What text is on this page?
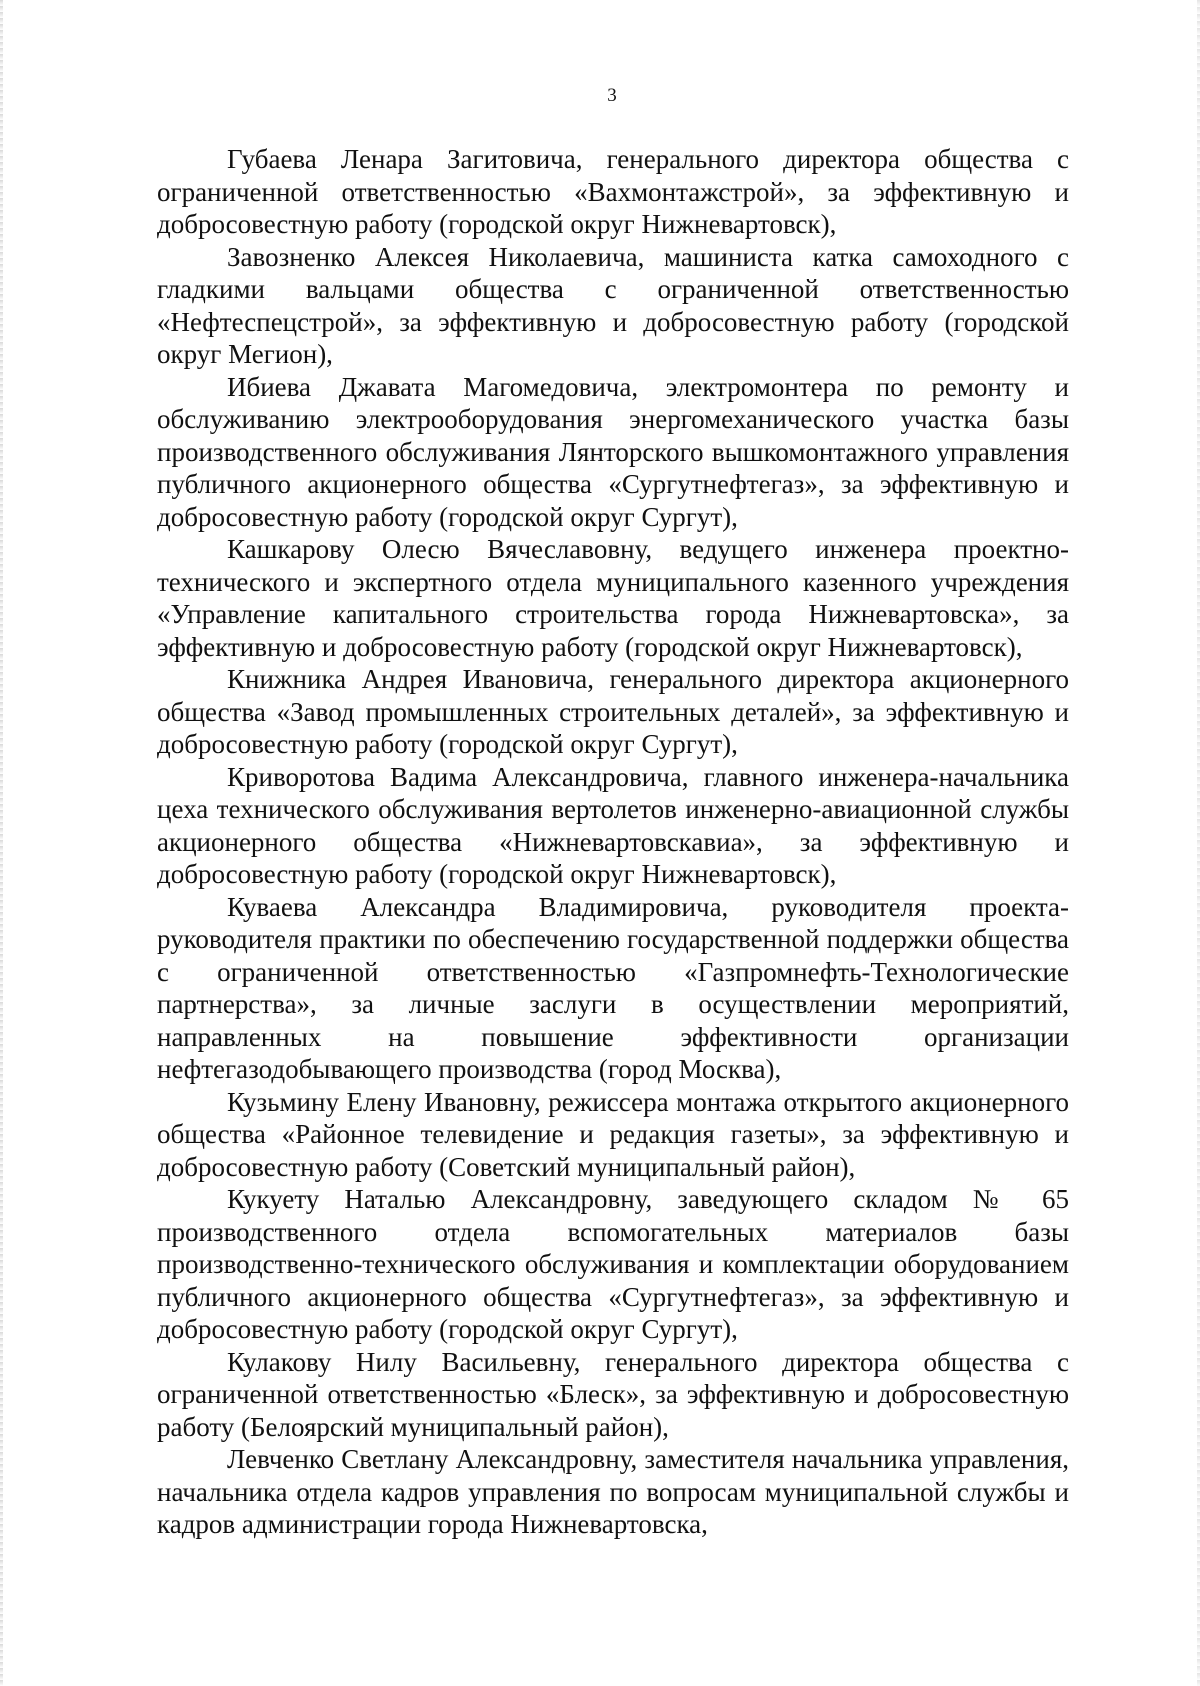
3

Губаева Ленара Загитовича, генерального директора общества с ограниченной ответственностью «Вахмонтажстрой», за эффективную и добросовестную работу (городской округ Нижневартовск),

Завозненко Алексея Николаевича, машиниста катка самоходного с гладкими вальцами общества с ограниченной ответственностью «Нефтеспецстрой», за эффективную и добросовестную работу (городской округ Мегион),

Ибиева Джавата Магомедовича, электромонтера по ремонту и обслуживанию электрооборудования энергомеханического участка базы производственного обслуживания Лянторского вышкомонтажного управления публичного акционерного общества «Сургутнефтегаз», за эффективную и добросовестную работу (городской округ Сургут),

Кашкарову Олесю Вячеславовну, ведущего инженера проектно-технического и экспертного отдела муниципального казенного учреждения «Управление капитального строительства города Нижневартовска», за эффективную и добросовестную работу (городской округ Нижневартовск),

Книжника Андрея Ивановича, генерального директора акционерного общества «Завод промышленных строительных деталей», за эффективную и добросовестную работу (городской округ Сургут),

Криворотова Вадима Александровича, главного инженера-начальника цеха технического обслуживания вертолетов инженерно-авиационной службы акционерного общества «Нижневартовскавиа», за эффективную и добросовестную работу (городской округ Нижневартовск),

Куваева Александра Владимировича, руководителя проекта-руководителя практики по обеспечению государственной поддержки общества с ограниченной ответственностью «Газпромнефть-Технологические партнерства», за личные заслуги в осуществлении мероприятий, направленных на повышение эффективности организации нефтегазодобывающего производства (город Москва),

Кузьмину Елену Ивановну, режиссера монтажа открытого акционерного общества «Районное телевидение и редакция газеты», за эффективную и добросовестную работу (Советский муниципальный район),

Кукуету Наталью Александровну, заведующего складом № 65 производственного отдела вспомогательных материалов базы производственно-технического обслуживания и комплектации оборудованием публичного акционерного общества «Сургутнефтегаз», за эффективную и добросовестную работу (городской округ Сургут),

Кулакову Нилу Васильевну, генерального директора общества с ограниченной ответственностью «Блеск», за эффективную и добросовестную работу (Белоярский муниципальный район),

Левченко Светлану Александровну, заместителя начальника управления, начальника отдела кадров управления по вопросам муниципальной службы и кадров администрации города Нижневартовска,
